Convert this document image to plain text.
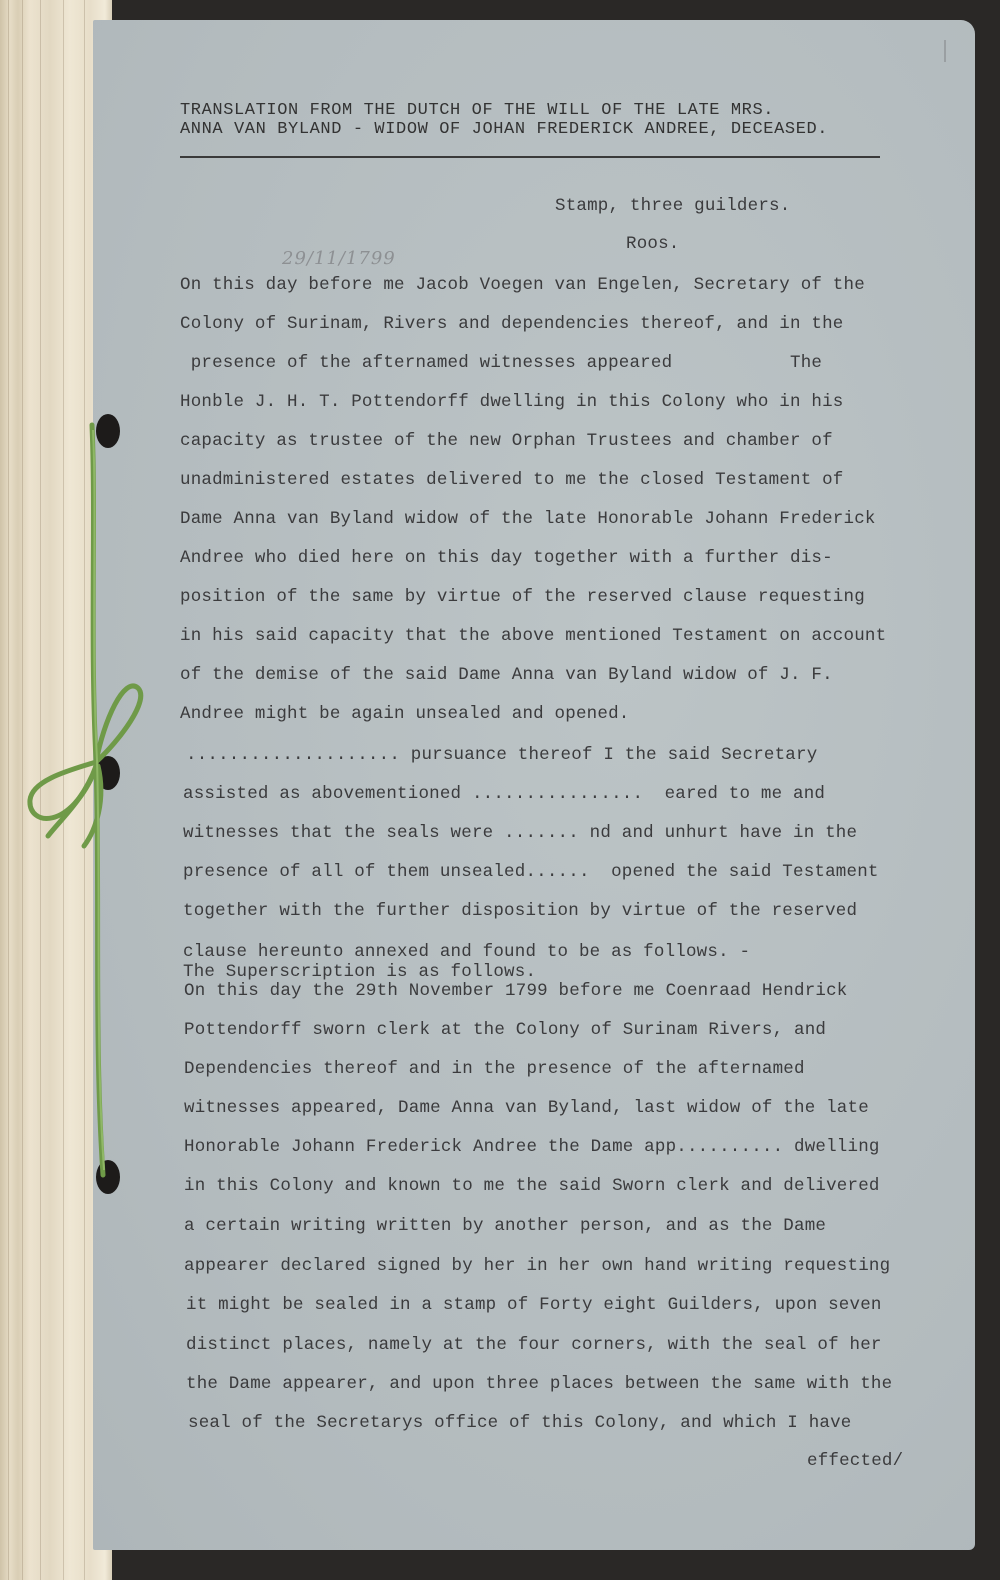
TRANSLATION FROM THE DUTCH OF THE WILL OF THE LATE MRS.
ANNA VAN BYLAND - WIDOW OF JOHAN FREDERICK ANDREE, DECEASED.
Stamp, three guilders.
Roos.
29/11/1799
On this day before me Jacob Voegen van Engelen, Secretary of the
Colony of Surinam, Rivers and dependencies thereof, and in the
presence of the afternamed witnesses appeared           The
Honble J. H. T. Pottendorff dwelling in this Colony who in his
capacity as trustee of the new Orphan Trustees and chamber of
unadministered estates delivered to me the closed Testament of
Dame Anna van Byland widow of the late Honorable Johann Frederick
Andree who died here on this day together with a further dis-
position of the same by virtue of the reserved clause requesting
in his said capacity that the above mentioned Testament on account
of the demise of the said Dame Anna van Byland widow of J. F.
Andree might be again unsealed and opened.
.................... pursuance thereof I the said Secretary
assisted as abovementioned ................  eared to me and
witnesses that the seals were ....... nd and unhurt have in the
presence of all of them unsealed......  opened the said Testament
together with the further disposition by virtue of the reserved
clause hereunto annexed and found to be as follows. -
The Superscription is as follows.
On this day the 29th November 1799 before me Coenraad Hendrick
Pottendorff sworn clerk at the Colony of Surinam Rivers, and
Dependencies thereof and in the presence of the afternamed
witnesses appeared, Dame Anna van Byland, last widow of the late
Honorable Johann Frederick Andree the Dame app.......... dwelling
in this Colony and known to me the said Sworn clerk and delivered
a certain writing written by another person, and as the Dame
appearer declared signed by her in her own hand writing requesting
it might be sealed in a stamp of Forty eight Guilders, upon seven
distinct places, namely at the four corners, with the seal of her
the Dame appearer, and upon three places between the same with the
seal of the Secretarys office of this Colony, and which I have
effected/
